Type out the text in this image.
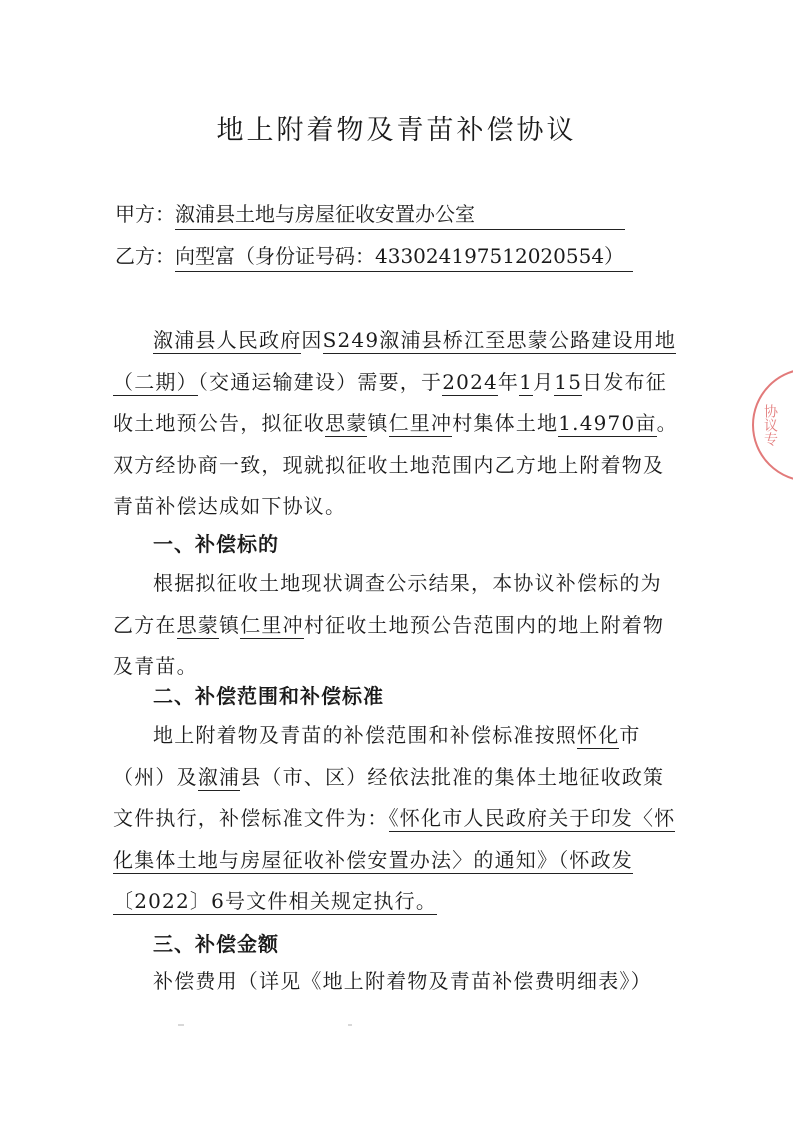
地上附着物及青苗补偿协议
甲方：溆浦县土地与房屋征收安置办公室
乙方：向型富（身份证号码：433024197512020554）
溆浦县人民政府因S249溆浦县桥江至思蒙公路建设用地（二期）（交通运输建设）需要，于2024年1月15日发布征收土地预公告，拟征收思蒙镇仁里冲村集体土地1.4970亩。双方经协商一致，现就拟征收土地范围内乙方地上附着物及青苗补偿达成如下协议。
一、补偿标的
根据拟征收土地现状调查公示结果，本协议补偿标的为乙方在思蒙镇仁里冲村征收土地预公告范围内的地上附着物及青苗。
二、补偿范围和补偿标准
地上附着物及青苗的补偿范围和补偿标准按照怀化市（州）及溆浦县（市、区）经依法批准的集体土地征收政策文件执行，补偿标准文件为：《怀化市人民政府关于印发〈怀化集体土地与房屋征收补偿安置办法〉的通知》（怀政发〔2022〕6号文件相关规定执行。
三、补偿金额
补偿费用（详见《地上附着物及青苗补偿费明细表》）
协议专
